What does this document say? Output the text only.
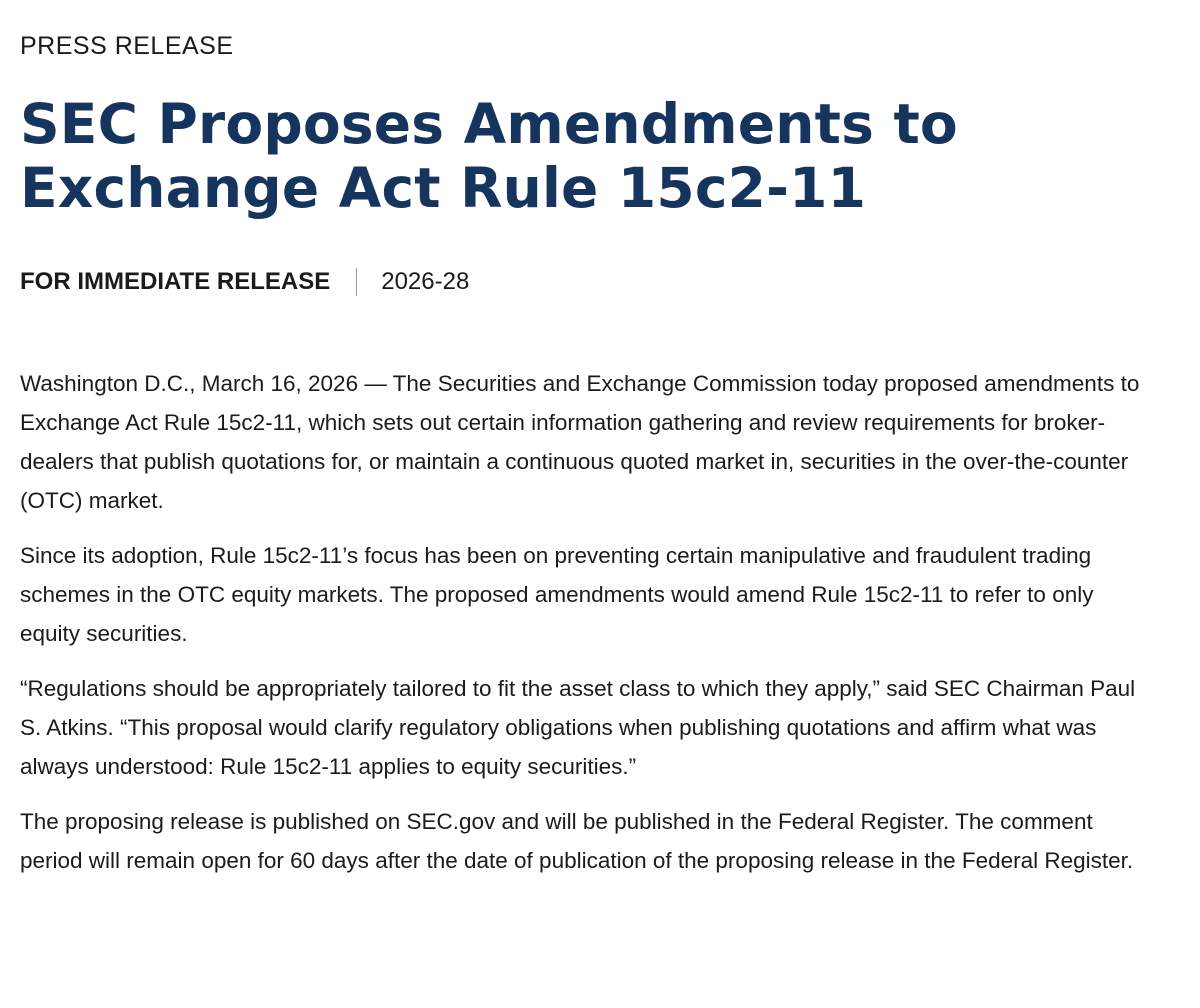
PRESS RELEASE
SEC Proposes Amendments to Exchange Act Rule 15c2-11
FOR IMMEDIATE RELEASE 2026-28

Washington D.C., March 16, 2026 — The Securities and Exchange Commission today proposed amendments to Exchange Act Rule 15c2-11, which sets out certain information gathering and review requirements for broker-dealers that publish quotations for, or maintain a continuous quoted market in, securities in the over-the-counter (OTC) market.

Since its adoption, Rule 15c2-11’s focus has been on preventing certain manipulative and fraudulent trading schemes in the OTC equity markets. The proposed amendments would amend Rule 15c2-11 to refer to only equity securities.

“Regulations should be appropriately tailored to fit the asset class to which they apply,” said SEC Chairman Paul S. Atkins. “This proposal would clarify regulatory obligations when publishing quotations and affirm what was always understood: Rule 15c2-11 applies to equity securities.”

The proposing release is published on SEC.gov and will be published in the Federal Register. The comment period will remain open for 60 days after the date of publication of the proposing release in the Federal Register.
